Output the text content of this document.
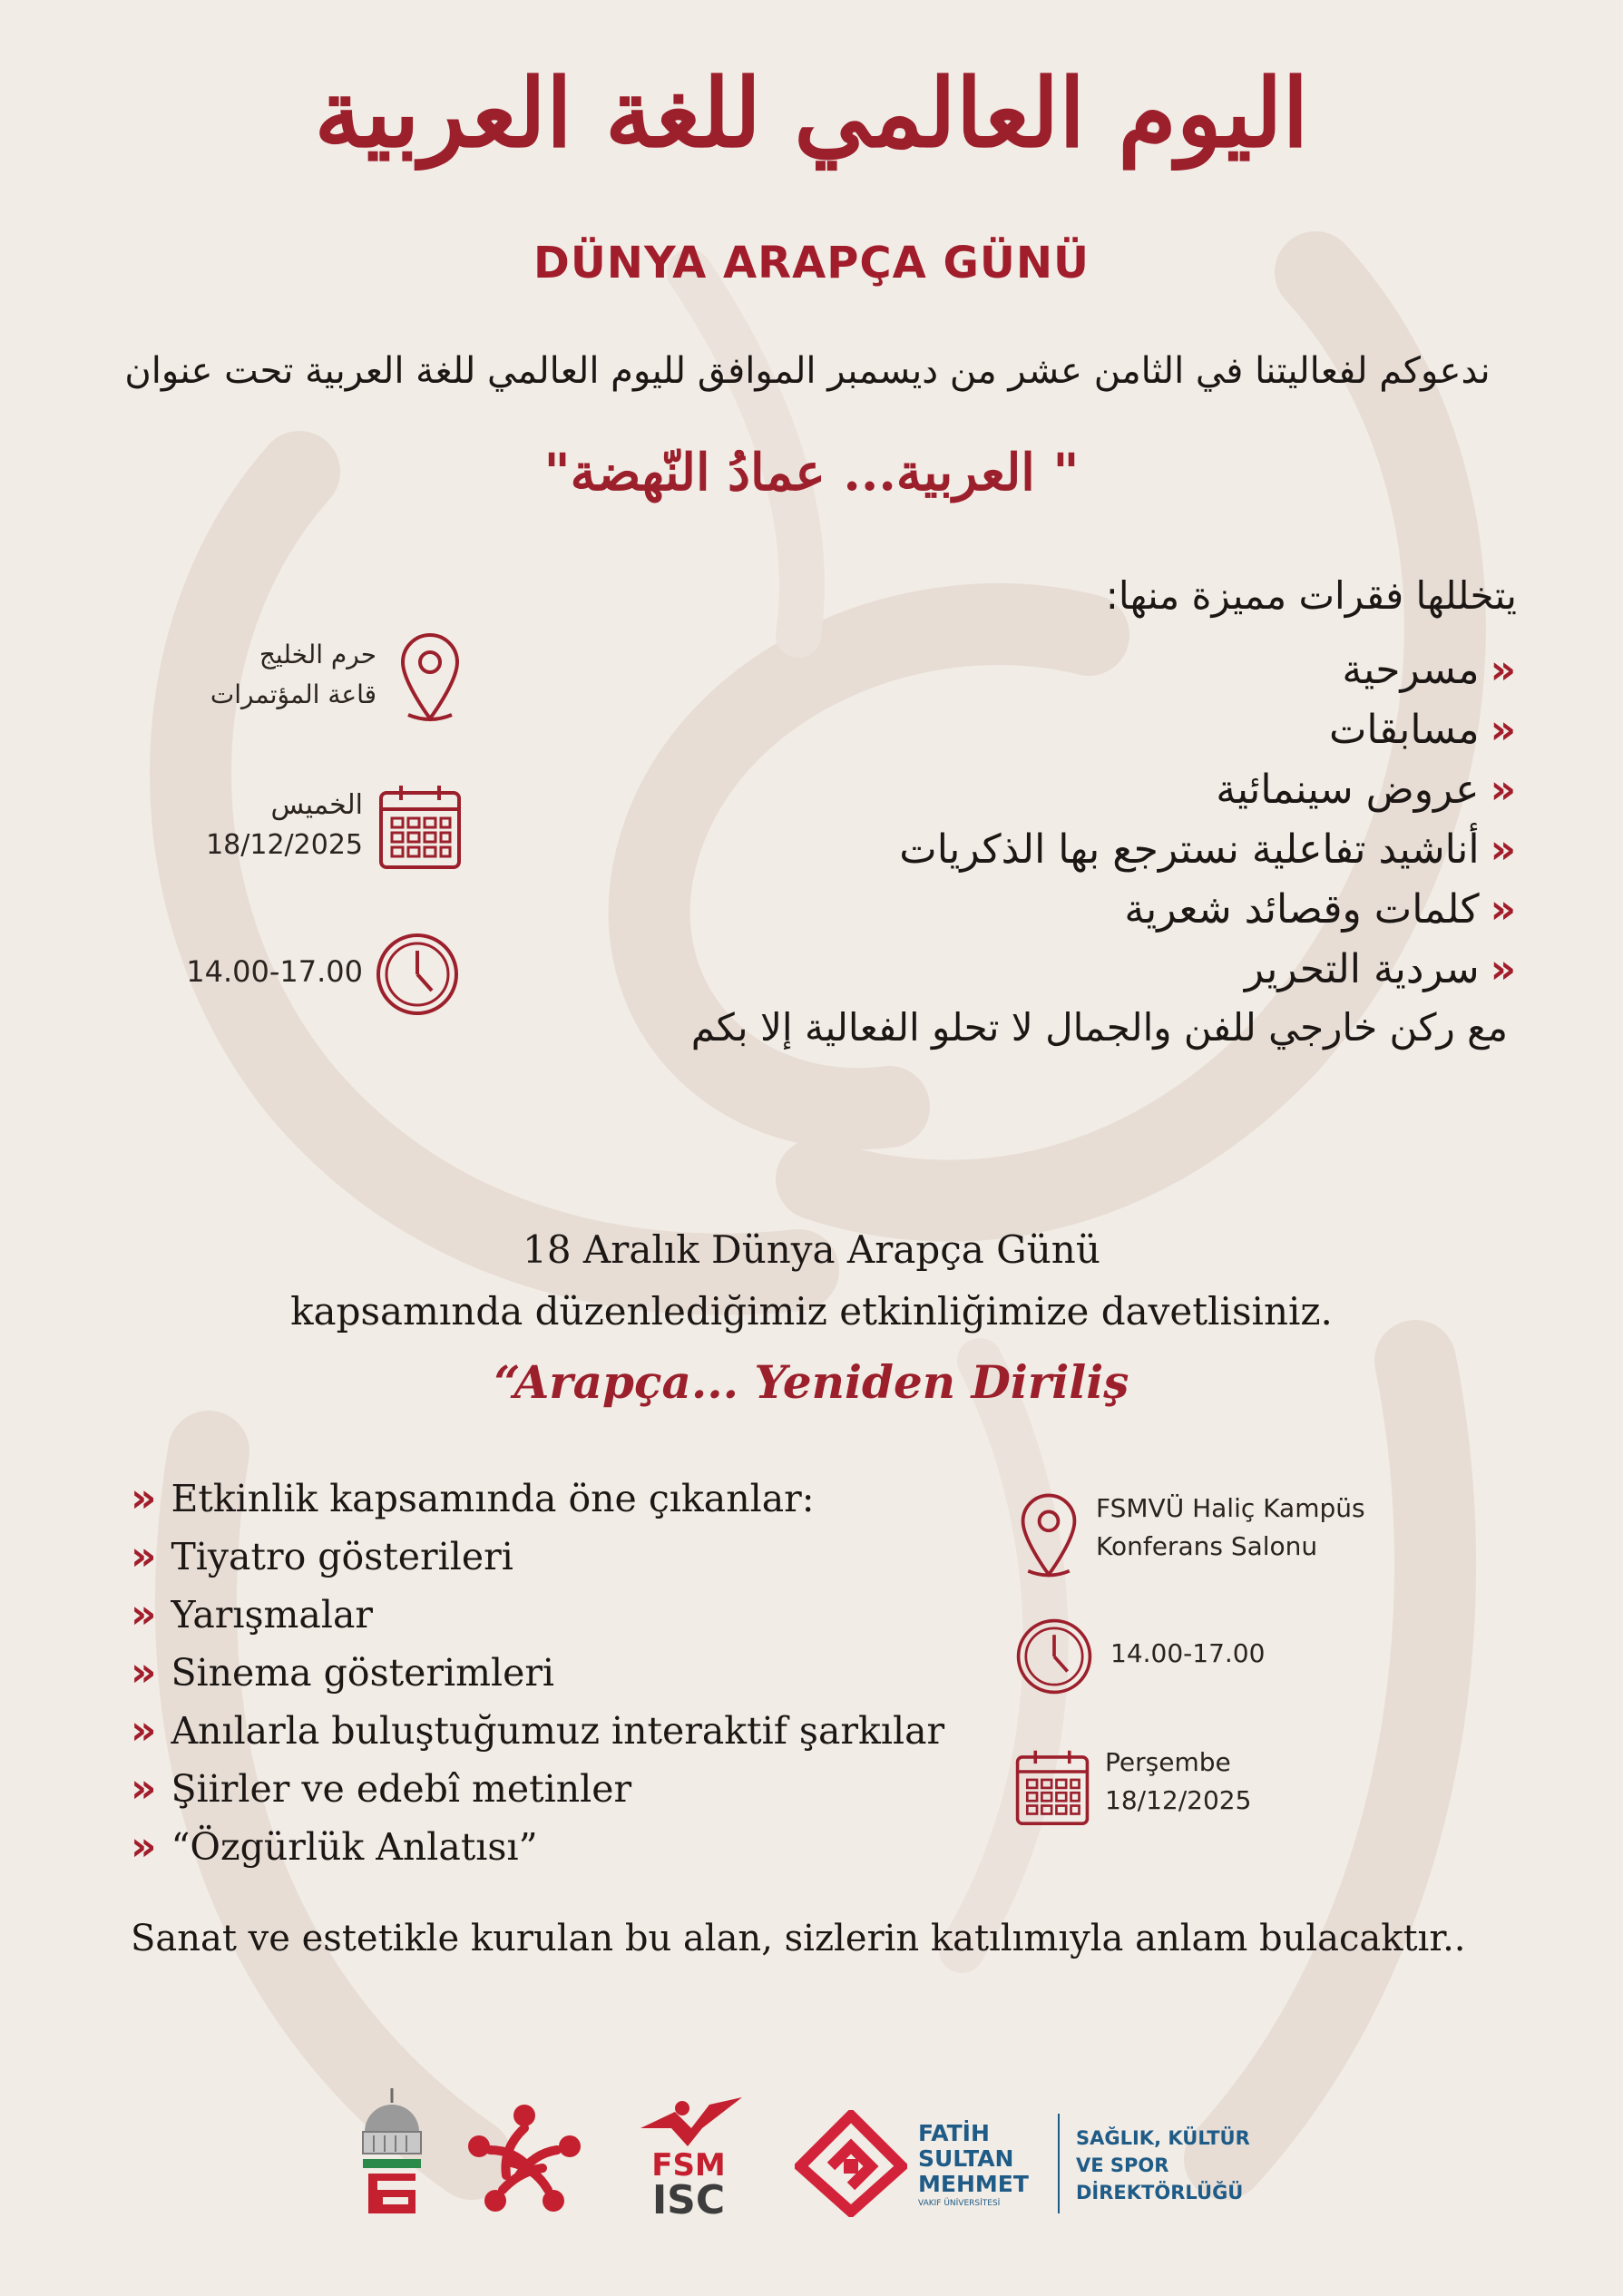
اليوم العالمي للغة العربية
DÜNYA ARAPÇA GÜNÜ
ندعوكم لفعاليتنا في الثامن عشر من ديسمبر الموافق لليوم العالمي للغة العربية تحت عنوان
" العربية... عمادُ النّهضة"
يتخللها فقرات مميزة منها:
«
مسرحية
«
مسابقات
«
عروض سينمائية
«
أناشيد تفاعلية نسترجع بها الذكريات
«
كلمات وقصائد شعرية
«
سردية التحرير
مع ركن خارجي للفن والجمال لا تحلو الفعالية إلا بكم
حرم الخليج
قاعة المؤتمرات
الخميس
18/12/2025
14.00-17.00
18 Aralık Dünya Arapça Günü
kapsamında düzenlediğimiz etkinliğimize davetlisiniz.
“Arapça... Yeniden Diriliş
» Etkinlik kapsamında öne çıkanlar:
» Tiyatro gösterileri
» Yarışmalar
» Sinema gösterimleri
» Anılarla buluştuğumuz interaktif şarkılar
» Şiirler ve edebî metinler
» “Özgürlük Anlatısı”
FSMVÜ Haliç Kampüs
Konferans Salonu
14.00-17.00
Perşembe
18/12/2025
Sanat ve estetikle kurulan bu alan, sizlerin katılımıyla anlam bulacaktır..
FSM
ISC
FATİH
SULTAN
MEHMET
VAKIF ÜNİVERSİTESİ
SAĞLIK, KÜLTÜR
VE SPOR
DİREKTÖRLÜĞÜ
